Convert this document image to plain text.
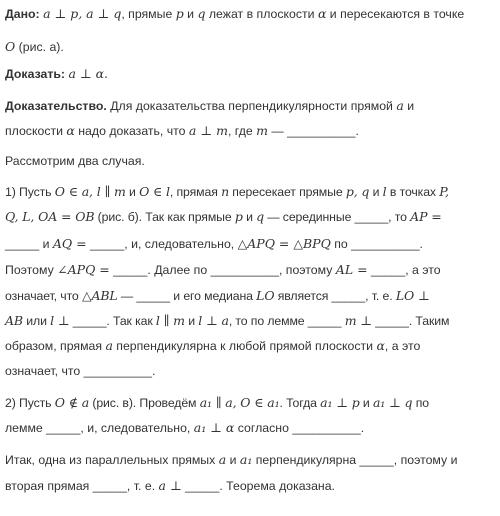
Дано: a ⊥ p, a ⊥ q, прямые p и q лежат в плоскости α и пересекаются в точке
O (рис. а).
Доказать: a ⊥ α.
Доказательство. Для доказательства перпендикулярности прямой a и
плоскости α надо доказать, что a ⊥ m, где m — __________.
Рассмотрим два случая.
1) Пусть O ∈ a, l ∥ m и O ∈ l, прямая n пересекает прямые p, q и l в точках P,
Q, L, OA = OB (рис. б). Так как прямые p и q — серединные _____, то AP =
_____ и AQ = _____, и, следовательно, △APQ = △BPQ по __________.
Поэтому ∠APQ = _____. Далее по __________, поэтому AL = _____, а это
означает, что △ABL — _____ и его медиана LO является _____, т. е. LO ⊥
AB или l ⊥ _____. Так как l ∥ m и l ⊥ a, то по лемме _____ m ⊥ _____. Таким
образом, прямая a перпендикулярна к любой прямой плоскости α, а это
означает, что __________.
2) Пусть O ∉ a (рис. в). Проведём a₁ ∥ a, O ∈ a₁. Тогда a₁ ⊥ p и a₁ ⊥ q по
лемме _____, и, следовательно, a₁ ⊥ α согласно __________.
Итак, одна из параллельных прямых a и a₁ перпендикулярна _____, поэтому и
вторая прямая _____, т. е. a ⊥ _____. Теорема доказана.
